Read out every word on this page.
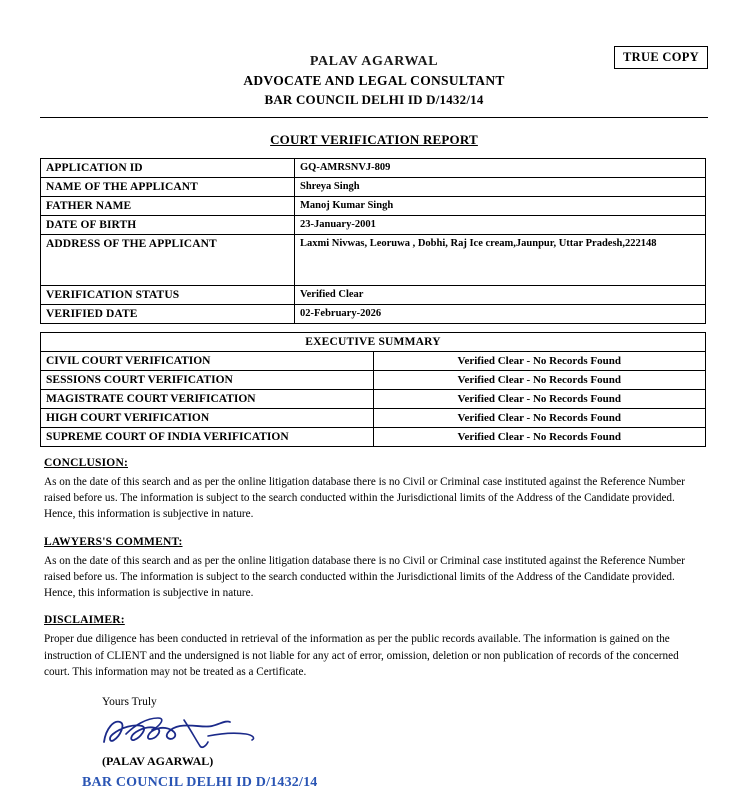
TRUE COPY
PALAV AGARWAL
ADVOCATE AND LEGAL CONSULTANT
BAR COUNCIL DELHI ID D/1432/14
COURT VERIFICATION REPORT
APPLICATION ID	GQ-AMRSNVJ-809
NAME OF THE APPLICANT	Shreya Singh
FATHER NAME	Manoj Kumar Singh
DATE OF BIRTH	23-January-2001
ADDRESS OF THE APPLICANT	Laxmi Nivwas, Leoruwa , Dobhi, Raj Ice cream,Jaunpur, Uttar Pradesh,222148
VERIFICATION STATUS	Verified Clear
VERIFIED DATE	02-February-2026
EXECUTIVE SUMMARY	
CIVIL COURT VERIFICATION	Verified Clear - No Records Found
SESSIONS COURT VERIFICATION	Verified Clear - No Records Found
MAGISTRATE COURT VERIFICATION	Verified Clear - No Records Found
HIGH COURT VERIFICATION	Verified Clear - No Records Found
SUPREME COURT OF INDIA VERIFICATION	Verified Clear - No Records Found
CONCLUSION:
As on the date of this search and as per the online litigation database there is no Civil or Criminal case instituted against the Reference Number raised before us. The information is subject to the search conducted within the Jurisdictional limits of the Address of the Candidate provided. Hence, this information is subjective in nature.
LAWYERS'S COMMENT:
As on the date of this search and as per the online litigation database there is no Civil or Criminal case instituted against the Reference Number raised before us. The information is subject to the search conducted within the Jurisdictional limits of the Address of the Candidate provided. Hence, this information is subjective in nature.
DISCLAIMER:
Proper due diligence has been conducted in retrieval of the information as per the public records available. The information is gained on the instruction of CLIENT and the undersigned is not liable for any act of error, omission, deletion or non publication of records of the concerned court. This information may not be treated as a Certificate.
Yours Truly
(PALAV AGARWAL)
BAR COUNCIL DELHI ID D/1432/14
